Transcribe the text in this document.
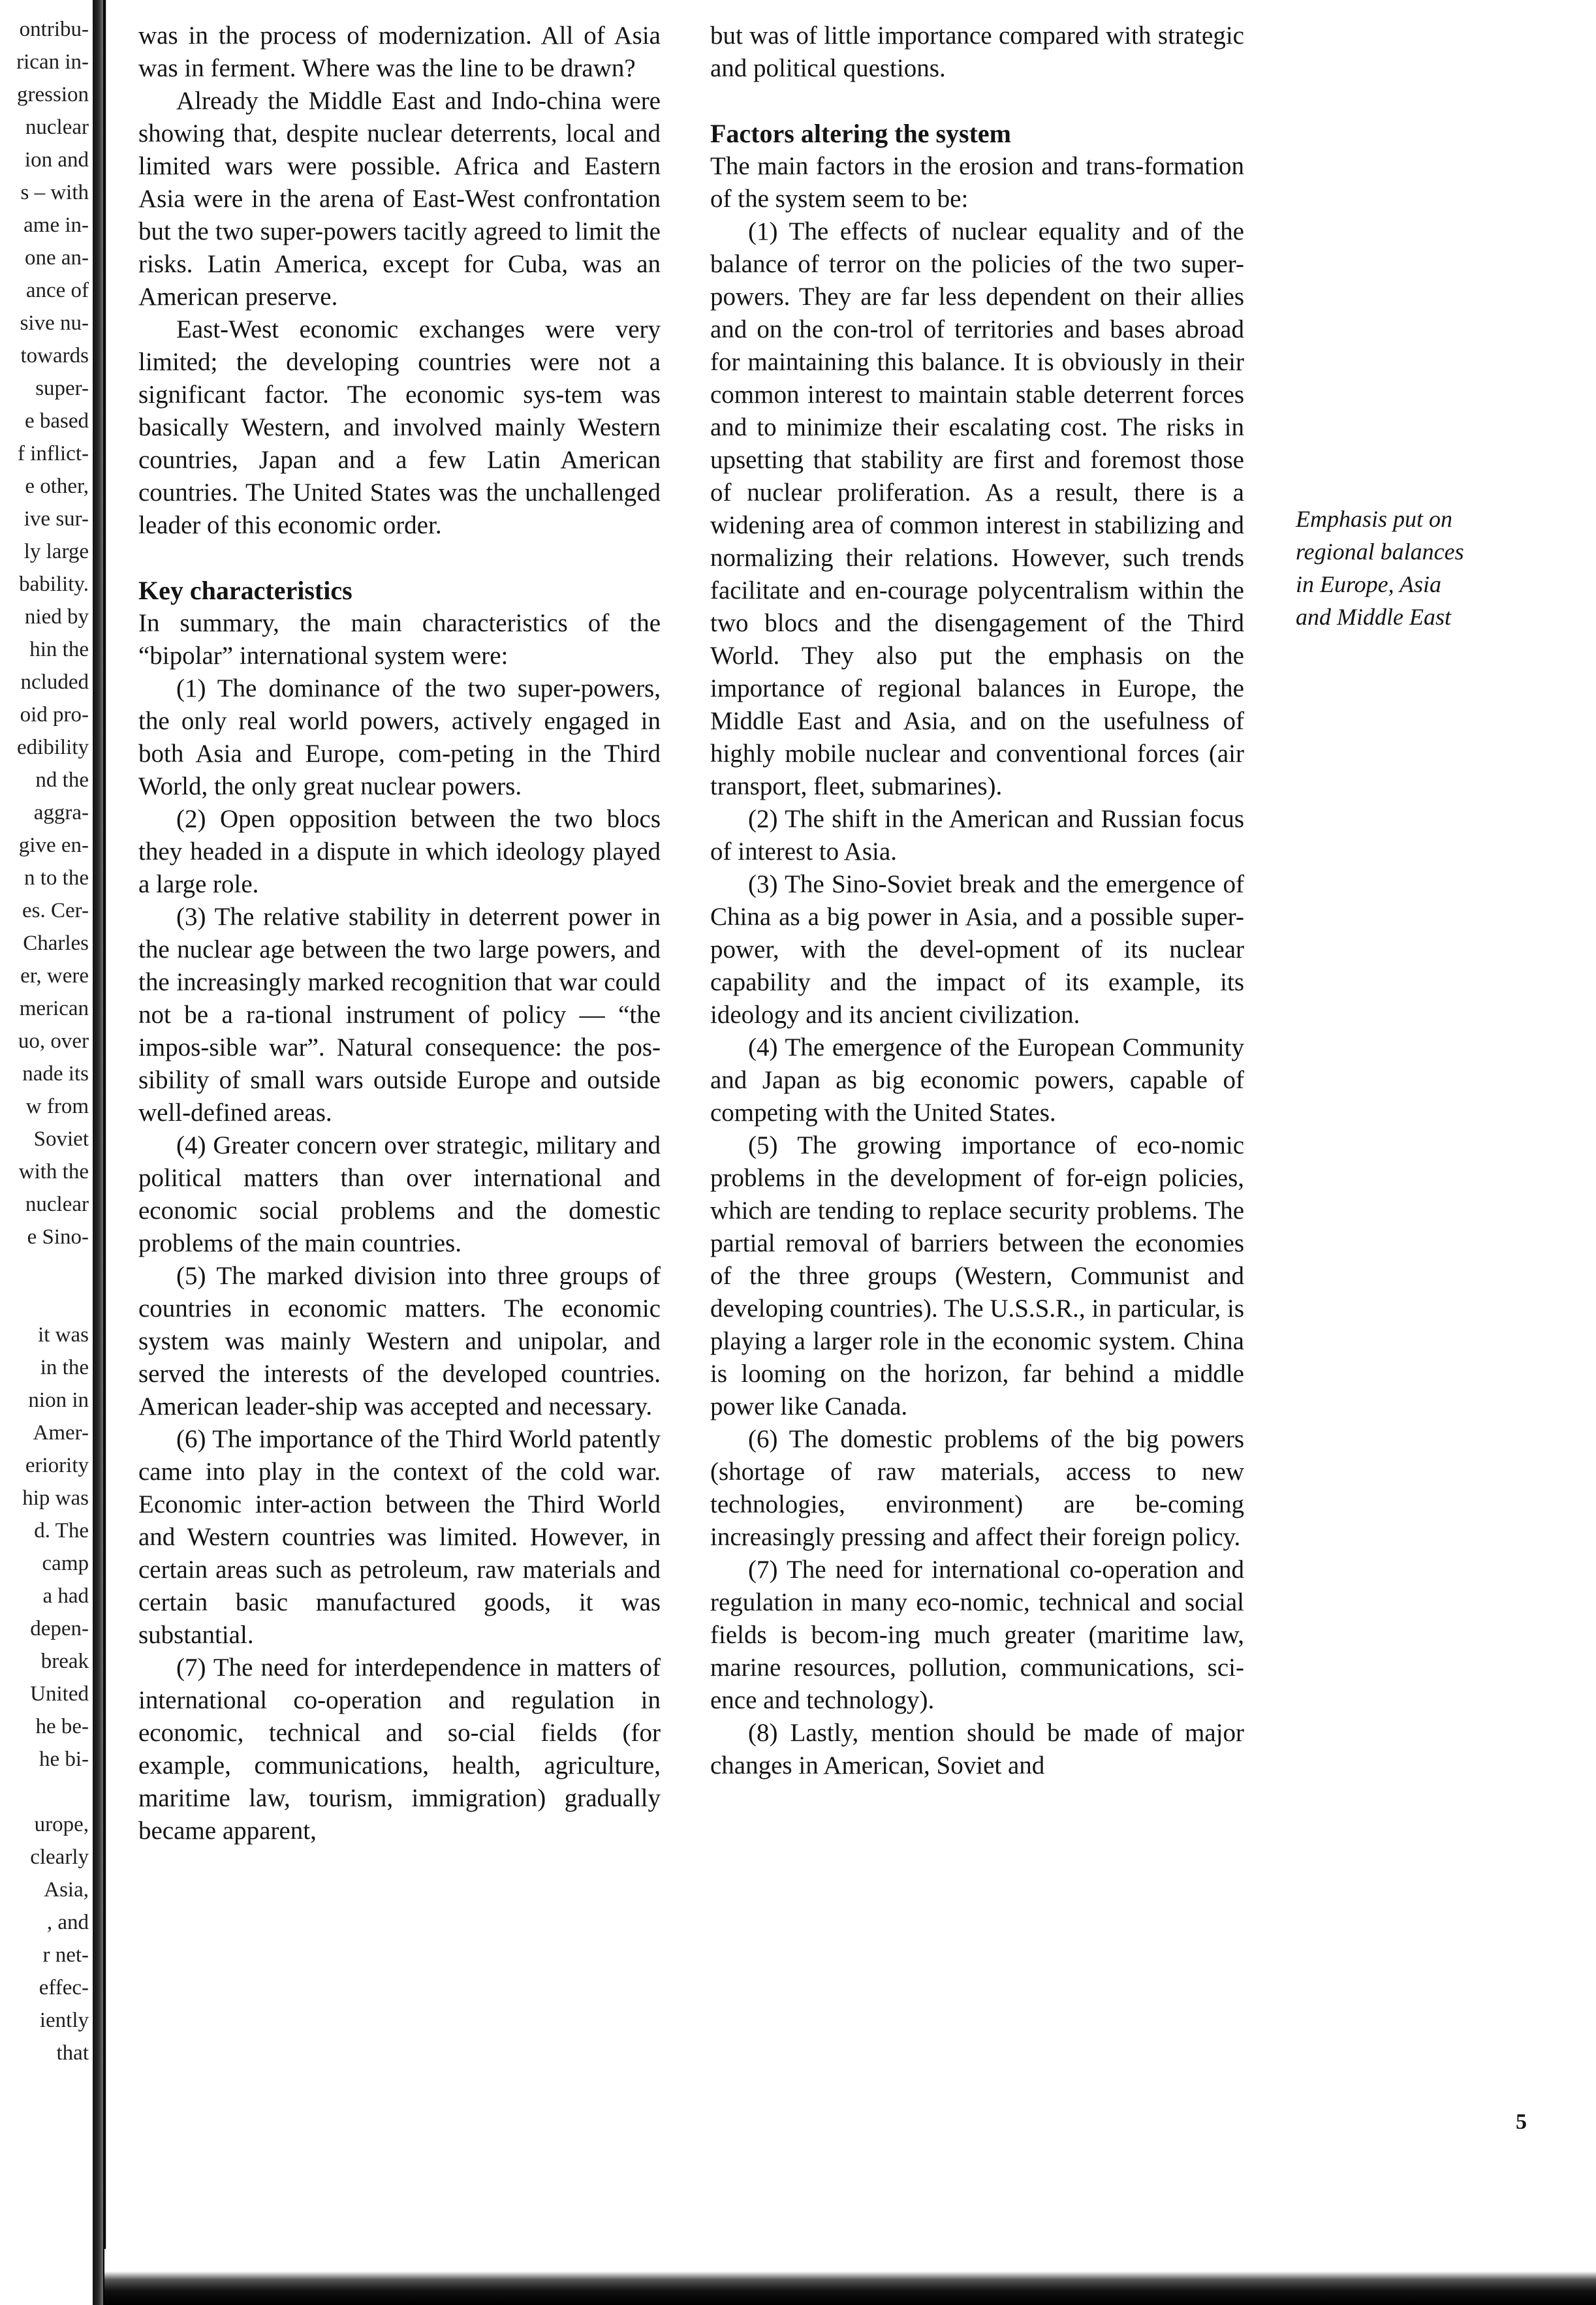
ontribu-
rican in-
gression
nuclear
ion and
s – with
ame in-
one an-
ance of
sive nu-
towards
super-
e based
f inflict-
e other,
ive sur-
ly large
bability.
nied by
hin the
ncluded
oid pro-
edibility
nd the
aggra-
give en-
n to the
es. Cer-
Charles
er, were
merican
uo, over
nade its
w from
Soviet
with the
nuclear
e Sino-
it was
in the
nion in
Amer-
eriority
hip was
d. The
camp
a had
depen-
break
United
he be-
he bi-
urope,
clearly
Asia,
, and
r net-
effec-
iently
that

was in the process of modernization. All of Asia was in ferment. Where was the line to be drawn?

Already the Middle East and Indo-china were showing that, despite nuclear deterrents, local and limited wars were possible. Africa and Eastern Asia were in the arena of East-West confrontation but the two super-powers tacitly agreed to limit the risks. Latin America, except for Cuba, was an American preserve.

East-West economic exchanges were very limited; the developing countries were not a significant factor. The economic sys-tem was basically Western, and involved mainly Western countries, Japan and a few Latin American countries. The United States was the unchallenged leader of this economic order.

Key characteristics

In summary, the main characteristics of the “bipolar” international system were:

(1) The dominance of the two super-powers, the only real world powers, actively engaged in both Asia and Europe, com-peting in the Third World, the only great nuclear powers.

(2) Open opposition between the two blocs they headed in a dispute in which ideology played a large role.

(3) The relative stability in deterrent power in the nuclear age between the two large powers, and the increasingly marked recognition that war could not be a ra-tional instrument of policy — “the impos-sible war”. Natural consequence: the pos-sibility of small wars outside Europe and outside well-defined areas.

(4) Greater concern over strategic, military and political matters than over international and economic social problems and the domestic problems of the main countries.

(5) The marked division into three groups of countries in economic matters. The economic system was mainly Western and unipolar, and served the interests of the developed countries. American leader-ship was accepted and necessary.

(6) The importance of the Third World patently came into play in the context of the cold war. Economic inter-action between the Third World and Western countries was limited. However, in certain areas such as petroleum, raw materials and certain basic manufactured goods, it was substantial.

(7) The need for interdependence in matters of international co-operation and regulation in economic, technical and so-cial fields (for example, communications, health, agriculture, maritime law, tourism, immigration) gradually became apparent,

but was of little importance compared with strategic and political questions.

Factors altering the system

The main factors in the erosion and trans-formation of the system seem to be:

(1) The effects of nuclear equality and of the balance of terror on the policies of the two super-powers. They are far less dependent on their allies and on the con-trol of territories and bases abroad for maintaining this balance. It is obviously in their common interest to maintain stable deterrent forces and to minimize their escalating cost. The risks in upsetting that stability are first and foremost those of nuclear proliferation. As a result, there is a widening area of common interest in stabilizing and normalizing their relations. However, such trends facilitate and en-courage polycentralism within the two blocs and the disengagement of the Third World. They also put the emphasis on the importance of regional balances in Europe, the Middle East and Asia, and on the usefulness of highly mobile nuclear and conventional forces (air transport, fleet, submarines).

(2) The shift in the American and Russian focus of interest to Asia.

(3) The Sino-Soviet break and the emergence of China as a big power in Asia, and a possible super-power, with the devel-opment of its nuclear capability and the impact of its example, its ideology and its ancient civilization.

(4) The emergence of the European Community and Japan as big economic powers, capable of competing with the United States.

(5) The growing importance of eco-nomic problems in the development of for-eign policies, which are tending to replace security problems. The partial removal of barriers between the economies of the three groups (Western, Communist and developing countries). The U.S.S.R., in particular, is playing a larger role in the economic system. China is looming on the horizon, far behind a middle power like Canada.

(6) The domestic problems of the big powers (shortage of raw materials, access to new technologies, environment) are be-coming increasingly pressing and affect their foreign policy.

(7) The need for international co-operation and regulation in many eco-nomic, technical and social fields is becom-ing much greater (maritime law, marine resources, pollution, communications, sci-ence and technology).

(8) Lastly, mention should be made of major changes in American, Soviet and

Emphasis put on
regional balances
in Europe, Asia
and Middle East
5
